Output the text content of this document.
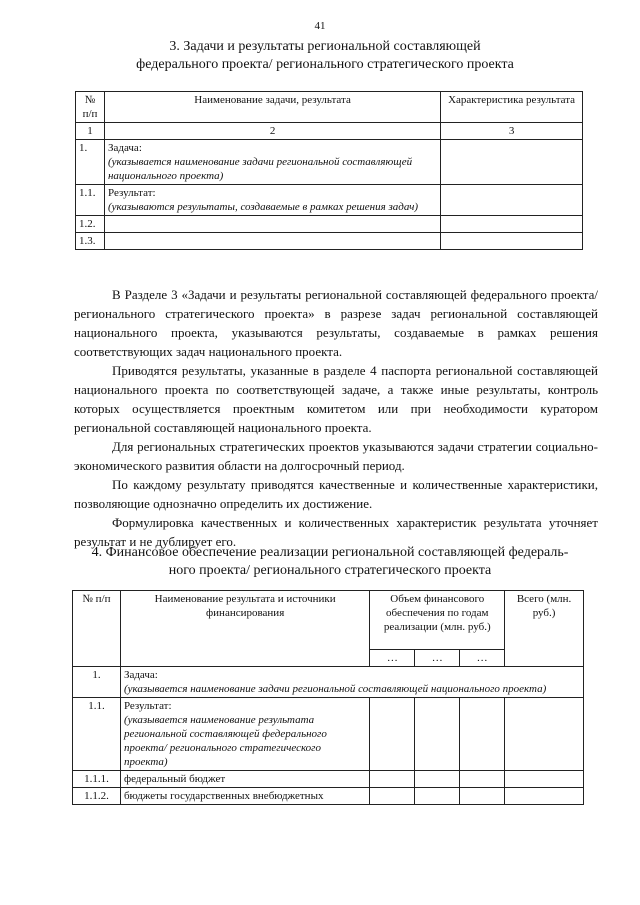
41
3. Задачи и результаты региональной составляющей
федерального проекта/ регионального стратегического проекта
№ п/п	Наименование задачи, результата	Характеристика результата
1	2	3
1.	Задача:
(указывается наименование задачи региональной составляющей национального проекта)	

1.1.	Результат:
(указываются результаты, создаваемые в рамках решения задач)	

1.2.		
1.3.		

В Разделе 3 «Задачи и результаты региональной составляющей федерального проекта/ регионального стратегического проекта» в разрезе задач региональной составляющей национального проекта, указываются результаты, создаваемые в рамках решения соответствующих задач национального проекта.

Приводятся результаты, указанные в разделе 4 паспорта региональной составляющей национального проекта по соответствующей задаче, а также иные результаты, контроль которых осуществляется проектным комитетом или при необходимости куратором региональной составляющей национального проекта.

Для региональных стратегических проектов указываются задачи стратегии социально-экономического развития области на долгосрочный период.

По каждому результату приводятся качественные и количественные характеристики, позволяющие однозначно определить их достижение.

Формулировка качественных и количественных характеристик результата уточняет результат и не дублирует его.

4. Финансовое обеспечение реализации региональной составляющей федераль-
ного проекта/ регионального стратегического проекта
№ п/п	Наименование результата и источники финансирования	Объем финансового обеспечения по годам реализации (млн. руб.)			Всего (млн. руб.)
		…	…	…	
1.	Задача:
(указывается наименование задачи региональной составляющей национального проекта)				

1.1.	Результат:
(указывается наименование результата региональной составляющей федерального проекта/ регионального стратегического проекта)				

1.1.1.	федеральный бюджет				
1.1.2.	бюджеты государственных внебюджетных				
